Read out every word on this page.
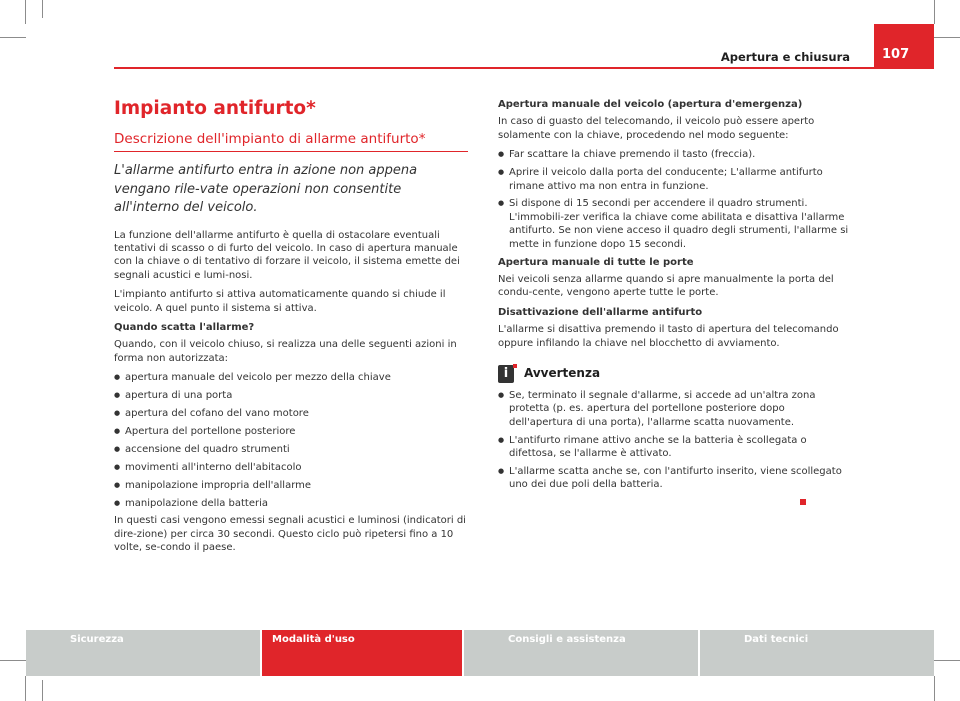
Apertura e chiusura	107
Impianto antifurto*
Descrizione dell'impianto di allarme antifurto*
L'allarme antifurto entra in azione non appena vengano rile-vate operazioni non consentite all'interno del veicolo.

La funzione dell'allarme antifurto è quella di ostacolare eventuali tentativi di scasso o di furto del veicolo. In caso di apertura manuale con la chiave o di tentativo di forzare il veicolo, il sistema emette dei segnali acustici e lumi-nosi.

L'impianto antifurto si attiva automaticamente quando si chiude il veicolo. A quel punto il sistema si attiva.

Quando scatta l'allarme?

Quando, con il veicolo chiuso, si realizza una delle seguenti azioni in forma non autorizzata:

● apertura manuale del veicolo per mezzo della chiave
● apertura di una porta
● apertura del cofano del vano motore
● Apertura del portellone posteriore
● accensione del quadro strumenti
● movimenti all'interno dell'abitacolo
● manipolazione impropria dell'allarme
● manipolazione della batteria

In questi casi vengono emessi segnali acustici e luminosi (indicatori di dire-zione) per circa 30 secondi. Questo ciclo può ripetersi fino a 10 volte, se-condo il paese.

Apertura manuale del veicolo (apertura d'emergenza)

In caso di guasto del telecomando, il veicolo può essere aperto solamente con la chiave, procedendo nel modo seguente:

● Far scattare la chiave premendo il tasto (freccia).
● Aprire il veicolo dalla porta del conducente; L'allarme antifurto rimane attivo ma non entra in funzione.
● Si dispone di 15 secondi per accendere il quadro strumenti. L'immobili-zer verifica la chiave come abilitata e disattiva l'allarme antifurto. Se non viene acceso il quadro degli strumenti, l'allarme si mette in funzione dopo 15 secondi.
Apertura manuale di tutte le porte

Nei veicoli senza allarme quando si apre manualmente la porta del condu-cente, vengono aperte tutte le porte.

Disattivazione dell'allarme antifurto

L'allarme si disattiva premendo il tasto di apertura del telecomando oppure infilando la chiave nel blocchetto di avviamento.

i	Avvertenza
● Se, terminato il segnale d'allarme, si accede ad un'altra zona protetta (p. es. apertura del portellone posteriore dopo dell'apertura di una porta), l'allarme scatta nuovamente.
● L'antifurto rimane attivo anche se la batteria è scollegata o difettosa, se l'allarme è attivato.
● L'allarme scatta anche se, con l'antifurto inserito, viene scollegato uno dei due poli della batteria.
Sicurezza	Modalità d'uso	Consigli e assistenza	Dati tecnici
